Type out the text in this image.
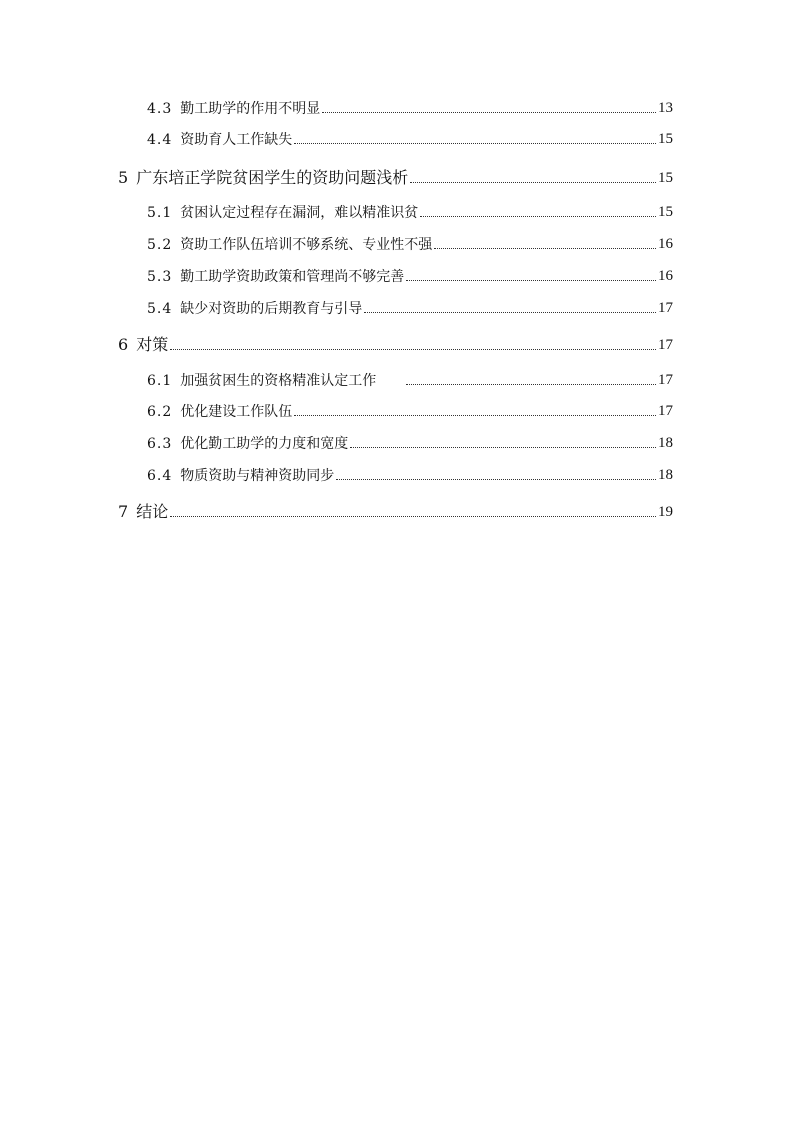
4.3 勤工助学的作用不明显	13
4.4 资助育人工作缺失	15
5 广东培正学院贫困学生的资助问题浅析	15
5.1 贫困认定过程存在漏洞，难以精准识贫	15
5.2 资助工作队伍培训不够系统、专业性不强	16
5.3 勤工助学资助政策和管理尚不够完善	16
5.4 缺少对资助的后期教育与引导	17
6 对策	17
6.1 加强贫困生的资格精准认定工作	17
6.2 优化建设工作队伍	17
6.3 优化勤工助学的力度和宽度	18
6.4 物质资助与精神资助同步	18
7 结论	19
